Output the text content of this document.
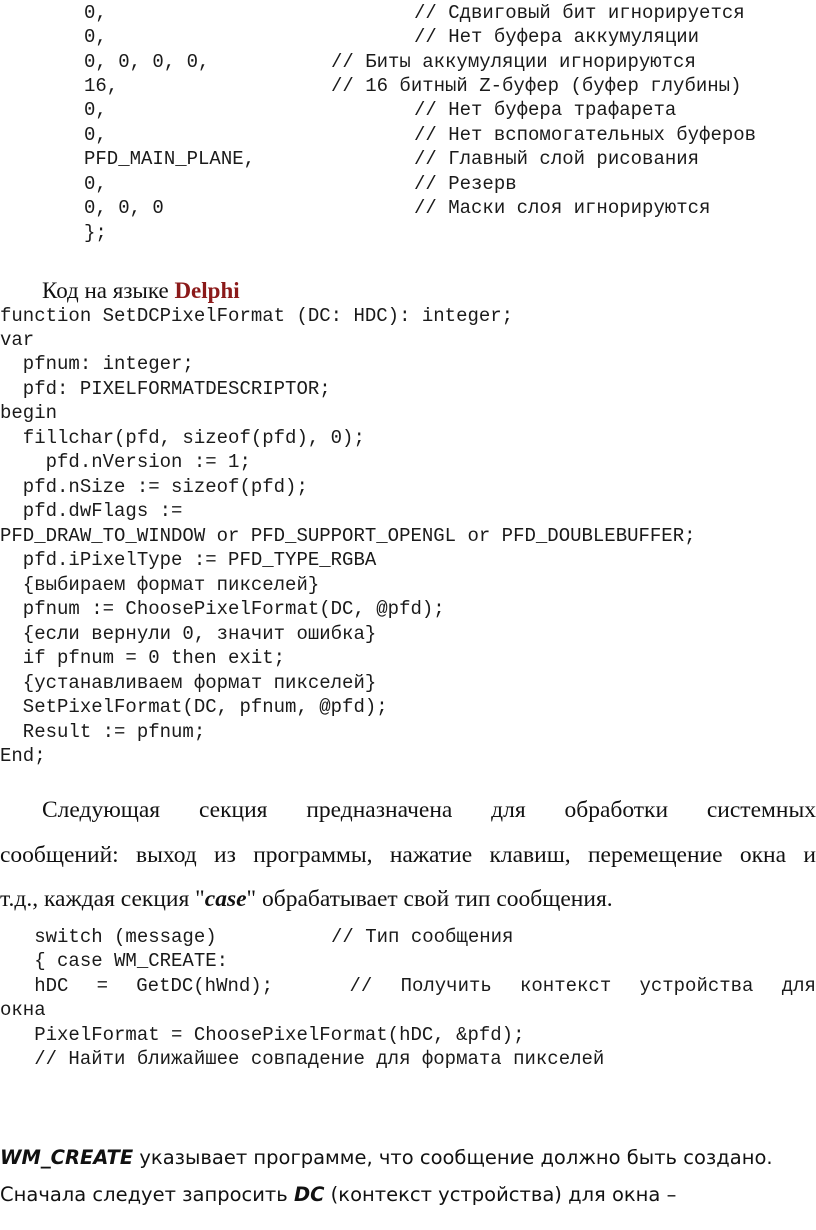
0,	// Сдвиговый бит игнорируется
0,	// Нет буфера аккумуляции
0, 0, 0, 0,	// Биты аккумуляции игнорируются
16,	// 16 битный Z-буфер (буфер глубины)
0,	// Нет буфера трафарета
0,	// Нет вспомогательных буферов
PFD_MAIN_PLANE,	// Главный слой рисования
0,	// Резерв
0, 0, 0	// Маски слоя игнорируются
};
Код на языке Delphi
function SetDCPixelFormat (DC: HDC): integer;
var
pfnum: integer;
pfd: PIXELFORMATDESCRIPTOR;
begin
fillchar(pfd, sizeof(pfd), 0);
pfd.nVersion := 1;
pfd.nSize := sizeof(pfd);
pfd.dwFlags :=
PFD_DRAW_TO_WINDOW or PFD_SUPPORT_OPENGL or PFD_DOUBLEBUFFER;
pfd.iPixelType := PFD_TYPE_RGBA
{выбираем формат пикселей}
pfnum := ChoosePixelFormat(DC, @pfd);
{если вернули 0, значит ошибка}
if pfnum = 0 then exit;
{устанавливаем формат пикселей}
SetPixelFormat(DC, pfnum, @pfd);
Result := pfnum;
End;
Следующая секция предназначена для обработки системных
сообщений: выход из программы, нажатие клавиш, перемещение окна и
т.д., каждая секция "case" обрабатывает свой тип сообщения.
switch (message)	// Тип сообщения
{ case WM_CREATE:
hDC = GetDC(hWnd);	// Получить контекст устройства для
окна
PixelFormat = ChoosePixelFormat(hDC, &pfd);
// Найти ближайшее совпадение для формата пикселей
WM_CREATE указывает программе, что сообщение должно быть создано.
Сначала следует запросить DC (контекст устройства) для окна –
